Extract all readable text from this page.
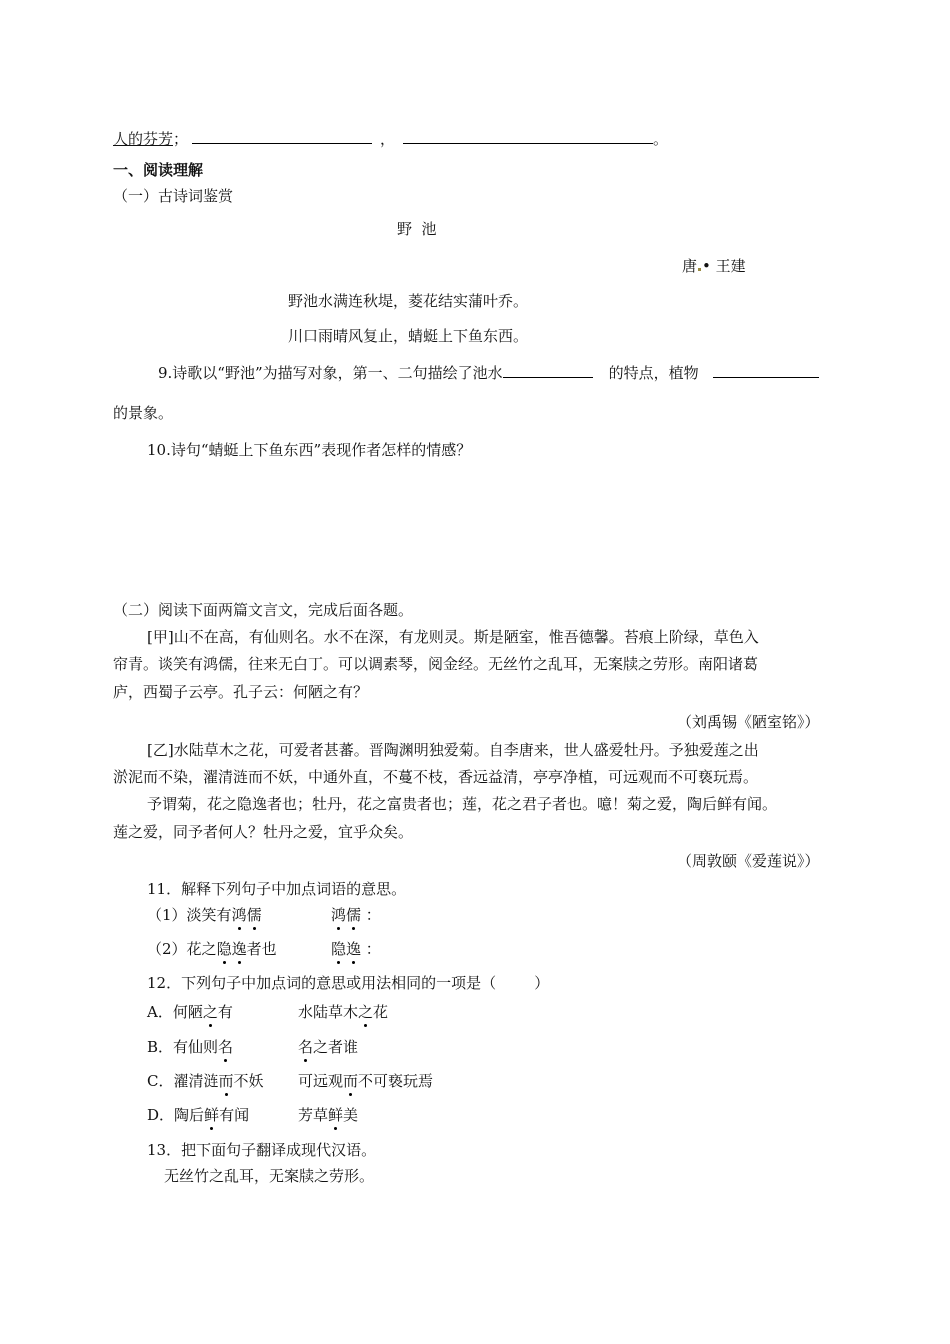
人的芬芳；	，	。
一、阅读理解
（一）古诗词鉴赏
野  池
唐 • 王建
野池水满连秋堤，菱花结实蒲叶乔。
川口雨晴风复止，蜻蜓上下鱼东西。
9.诗歌以“野池”为描写对象，第一、二句描绘了池水	的特点，植物
的景象。
10.诗句“蜻蜓上下鱼东西”表现作者怎样的情感？
（二）阅读下面两篇文言文，完成后面各题。
[甲]山不在高，有仙则名。水不在深，有龙则灵。斯是陋室，惟吾德馨。苔痕上阶绿，草色入
帘青。谈笑有鸿儒，往来无白丁。可以调素琴，阅金经。无丝竹之乱耳，无案牍之劳形。南阳诸葛
庐，西蜀子云亭。孔子云：何陋之有？
（刘禹锡《陋室铭》）
[乙]水陆草木之花，可爱者甚蕃。晋陶渊明独爱菊。自李唐来，世人盛爱牡丹。予独爱莲之出
淤泥而不染，濯清涟而不妖，中通外直，不蔓不枝，香远益清，亭亭净植，可远观而不可亵玩焉。
予谓菊，花之隐逸者也；牡丹，花之富贵者也；莲，花之君子者也。噫！菊之爱，陶后鲜有闻。
莲之爱，同予者何人？牡丹之爱，宜乎众矣。
（周敦颐《爱莲说》）
11．解释下列句子中加点词语的意思。
（1）淡笑有鸿儒	鸿儒 ：
（2）花之隐逸者也	隐逸 ：
12．下列句子中加点词的意思或用法相同的一项是（        ）
A．何陋之有	水陆草木之花
B．有仙则名	名之者谁
C．濯清涟而不妖 可远观而不可亵玩焉
D．陶后鲜有闻	芳草鲜美
13．把下面句子翻译成现代汉语。
无丝竹之乱耳，无案牍之劳形。
